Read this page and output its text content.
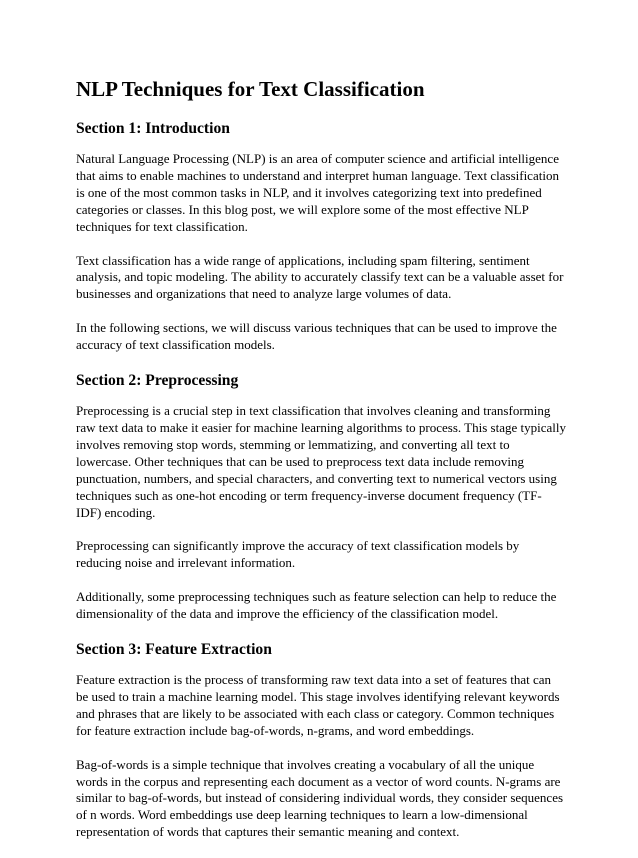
NLP Techniques for Text Classification
Section 1: Introduction

Natural Language Processing (NLP) is an area of computer science and artificial intelligence that aims to enable machines to understand and interpret human language. Text classification is one of the most common tasks in NLP, and it involves categorizing text into predefined categories or classes. In this blog post, we will explore some of the most effective NLP techniques for text classification.

Text classification has a wide range of applications, including spam filtering, sentiment analysis, and topic modeling. The ability to accurately classify text can be a valuable asset for businesses and organizations that need to analyze large volumes of data.

In the following sections, we will discuss various techniques that can be used to improve the accuracy of text classification models.

Section 2: Preprocessing

Preprocessing is a crucial step in text classification that involves cleaning and transforming raw text data to make it easier for machine learning algorithms to process. This stage typically involves removing stop words, stemming or lemmatizing, and converting all text to lowercase. Other techniques that can be used to preprocess text data include removing punctuation, numbers, and special characters, and converting text to numerical vectors using techniques such as one-hot encoding or term frequency-inverse document frequency (TF-IDF) encoding.

Preprocessing can significantly improve the accuracy of text classification models by reducing noise and irrelevant information.

Additionally, some preprocessing techniques such as feature selection can help to reduce the dimensionality of the data and improve the efficiency of the classification model.

Section 3: Feature Extraction

Feature extraction is the process of transforming raw text data into a set of features that can be used to train a machine learning model. This stage involves identifying relevant keywords and phrases that are likely to be associated with each class or category. Common techniques for feature extraction include bag-of-words, n-grams, and word embeddings.

Bag-of-words is a simple technique that involves creating a vocabulary of all the unique words in the corpus and representing each document as a vector of word counts. N-grams are similar to bag-of-words, but instead of considering individual words, they consider sequences of n words. Word embeddings use deep learning techniques to learn a low-dimensional representation of words that captures their semantic meaning and context.
